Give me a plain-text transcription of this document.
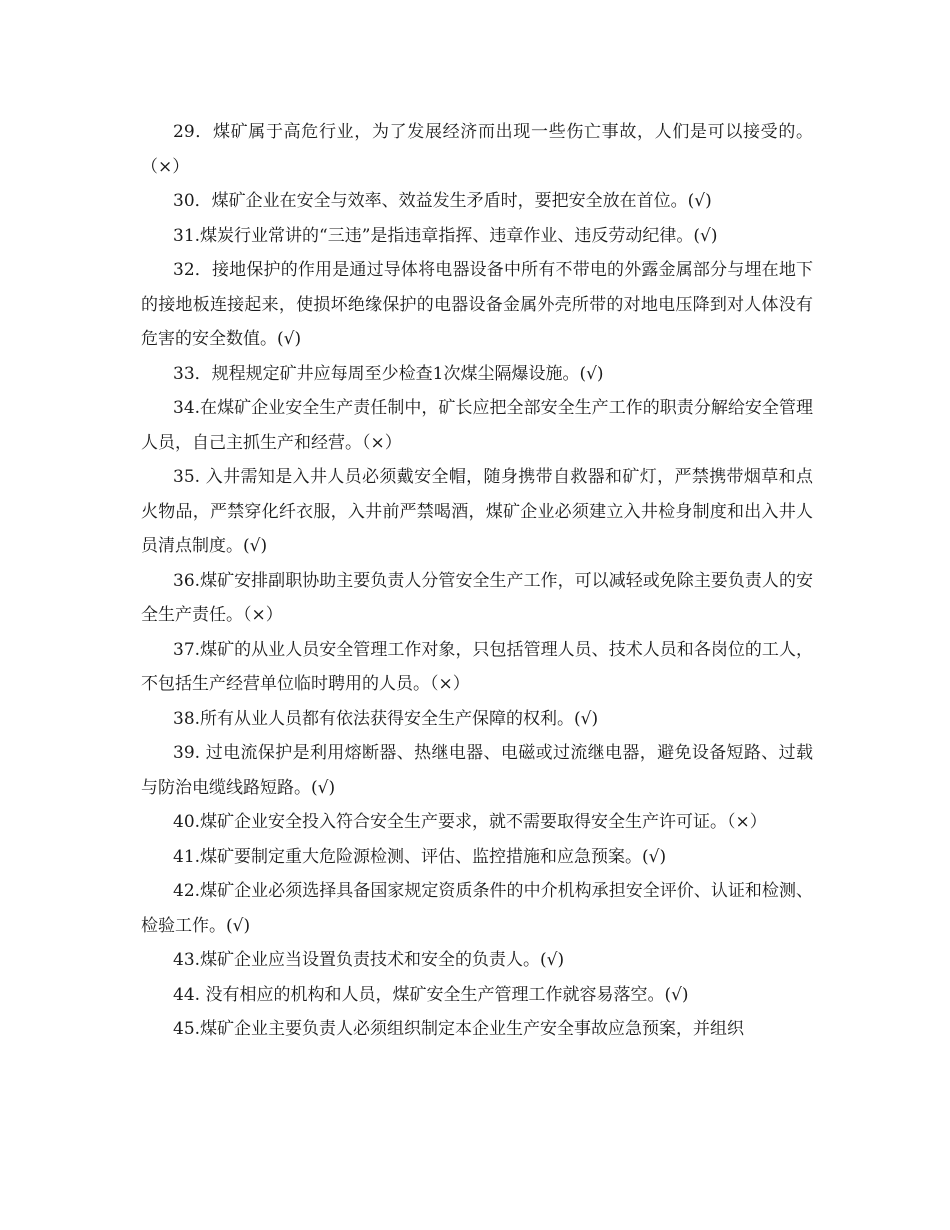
29．煤矿属于高危行业，为了发展经济而出现一些伤亡事故，人们是可以接受的。（×）

30．煤矿企业在安全与效率、效益发生矛盾时，要把安全放在首位。(√)

31.煤炭行业常讲的“三违”是指违章指挥、违章作业、违反劳动纪律。(√)

32．接地保护的作用是通过导体将电器设备中所有不带电的外露金属部分与埋在地下的接地板连接起来，使损坏绝缘保护的电器设备金属外壳所带的对地电压降到对人体没有危害的安全数值。(√)

33．规程规定矿井应每周至少检查1次煤尘隔爆设施。(√)

34.在煤矿企业安全生产责任制中，矿长应把全部安全生产工作的职责分解给安全管理人员，自己主抓生产和经营。（×）

35. 入井需知是入井人员必须戴安全帽，随身携带自救器和矿灯，严禁携带烟草和点火物品，严禁穿化纤衣服，入井前严禁喝酒，煤矿企业必须建立入井检身制度和出入井人员清点制度。(√)

36.煤矿安排副职协助主要负责人分管安全生产工作，可以减轻或免除主要负责人的安全生产责任。（×）

37.煤矿的从业人员安全管理工作对象，只包括管理人员、技术人员和各岗位的工人，不包括生产经营单位临时聘用的人员。（×）

38.所有从业人员都有依法获得安全生产保障的权利。(√)

39. 过电流保护是利用熔断器、热继电器、电磁或过流继电器，避免设备短路、过载与防治电缆线路短路。(√)

40.煤矿企业安全投入符合安全生产要求，就不需要取得安全生产许可证。（×）

41.煤矿要制定重大危险源检测、评估、监控措施和应急预案。(√)

42.煤矿企业必须选择具备国家规定资质条件的中介机构承担安全评价、认证和检测、检验工作。(√)

43.煤矿企业应当设置负责技术和安全的负责人。(√)

44. 没有相应的机构和人员，煤矿安全生产管理工作就容易落空。(√)

45.煤矿企业主要负责人必须组织制定本企业生产安全事故应急预案，并组织
